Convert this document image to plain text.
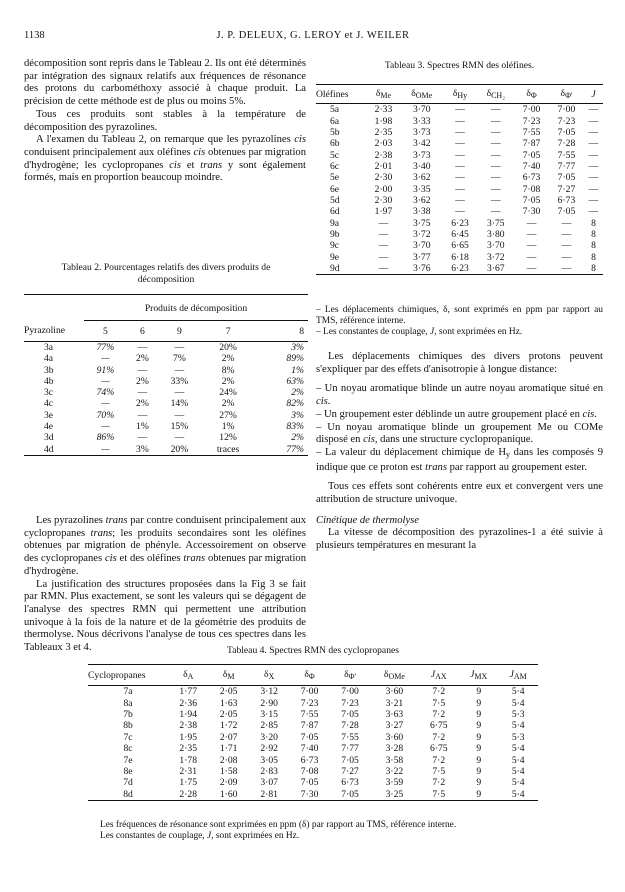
1138	J. P. DELEUX, G. LEROY et J. WEILER

décomposition sont repris dans le Tableau 2. Ils ont été déterminés par intégration des signaux relatifs aux fréquences de résonance des protons du carbométhoxy associé à chaque produit. La précision de cette méthode est de plus ou moins 5%.

Tous ces produits sont stables à la température de décomposition des pyrazolines.

A l'examen du Tableau 2, on remarque que les pyrazolines cis conduisent principalement aux oléfines cis obtenues par migration d'hydrogène; les cyclopropanes cis et trans y sont également formés, mais en proportion beaucoup moindre.

Tableau 2. Pourcentages relatifs des divers produits de
décomposition

	Produits de décomposition				

Pyrazoline	5	6	9	7	8
3a	77%	—	—	20%	3%
4a	—	2%	7%	2%	89%
3b	91%	—	—	8%	1%
4b	—	2%	33%	2%	63%
3c	74%	—	—	24%	2%
4c	—	2%	14%	2%	82%
3e	70%	—	—	27%	3%
4e	—	1%	15%	1%	83%
3d	86%	—	—	12%	2%
4d	—	3%	20%	traces	77%

Les pyrazolines trans par contre conduisent principalement aux cyclopropanes trans; les produits secondaires sont les oléfines obtenues par migration de phényle. Accessoirement on observe des cyclopropanes cis et des oléfines trans obtenues par migration d'hydrogène.

La justification des structures proposées dans la Fig 3 se fait par RMN. Plus exactement, se sont les valeurs qui se dégagent de l'analyse des spectres RMN qui permettent une attribution univoque à la fois de la nature et de la géométrie des produits de thermolyse. Nous décrivons l'analyse de tous ces spectres dans les Tableaux 3 et 4.

Tableau 3. Spectres RMN des oléfines.
Oléfines	$\delta_{Me}$	$\delta_{OMe}$	$\delta_{Hy}$	$\delta_{CH_2}$	$\delta_\Phi$	$\delta_{\Phi'}$	J
5a	2·33	3·70	—	—	7·00	7·00	—
6a	1·98	3·33	—	—	7·23	7·23	—
5b	2·35	3·73	—	—	7·55	7·05	—
6b	2·03	3·42	—	—	7·87	7·28	—
5c	2·38	3·73	—	—	7·05	7·55	—
6c	2·01	3·40	—	—	7·40	7·77	—
5e	2·30	3·62	—	—	6·73	7·05	—
6e	2·00	3·35	—	—	7·08	7·27	—
5d	2·30	3·62	—	—	7·05	6·73	—
6d	1·97	3·38	—	—	7·30	7·05	—
9a	—	3·75	6·23	3·75	—	—	8
9b	—	3·72	6·45	3·80	—	—	8
9c	—	3·70	6·65	3·70	—	—	8
9e	—	3·77	6·18	3·72	—	—	8
9d	—	3·76	6·23	3·67	—	—	8

– Les déplacements chimiques, δ, sont exprimés en ppm par rapport au TMS, référence interne.

– Les constantes de couplage, J, sont exprimées en Hz.

Les déplacements chimiques des divers protons peuvent s'expliquer par des effets d'anisotropie à longue distance:

– Un noyau aromatique blinde un autre noyau aromatique situé en cis.

– Un groupement ester déblinde un autre groupement placé en cis.

– Un noyau aromatique blinde un groupement Me ou COMe disposé en cis, dans une structure cyclopropanique.

– La valeur du déplacement chimique de $H_y$ dans les composés 9 indique que ce proton est trans par rapport au groupement ester.

Tous ces effets sont cohérents entre eux et convergent vers une attribution de structure univoque.

Cinétique de thermolyse

La vitesse de décomposition des pyrazolines-1 a été suivie à plusieurs températures en mesurant la

Tableau 4. Spectres RMN des cyclopropanes
Cyclopropanes	$\delta_A$	$\delta_M$	$\delta_X$	$\delta_\Phi$	$\delta_{\Phi'}$	$\delta_{OMe}$	$J_{AX}$	$J_{MX}$	$J_{AM}$
7a	1·77	2·05	3·12	7·00	7·00	3·60	7·2	9	5·4
8a	2·36	1·63	2·90	7·23	7·23	3·21	7·5	9	5·4
7b	1·94	2·05	3·15	7·55	7·05	3·63	7·2	9	5·3
8b	2·38	1·72	2·85	7·87	7·28	3·27	6·75	9	5·4
7c	1·95	2·07	3·20	7·05	7·55	3·60	7·2	9	5·3
8c	2·35	1·71	2·92	7·40	7·77	3·28	6·75	9	5·4
7e	1·78	2·08	3·05	6·73	7·05	3·58	7·2	9	5·4
8e	2·31	1·58	2·83	7·08	7·27	3·22	7·5	9	5·4
7d	1·75	2·09	3·07	7·05	6·73	3·59	7·2	9	5·4
8d	2·28	1·60	2·81	7·30	7·05	3·25	7·5	9	5·4

Les fréquences de résonance sont exprimées en ppm (δ) par rapport au TMS, référence interne.

Les constantes de couplage, J, sont exprimées en Hz.
